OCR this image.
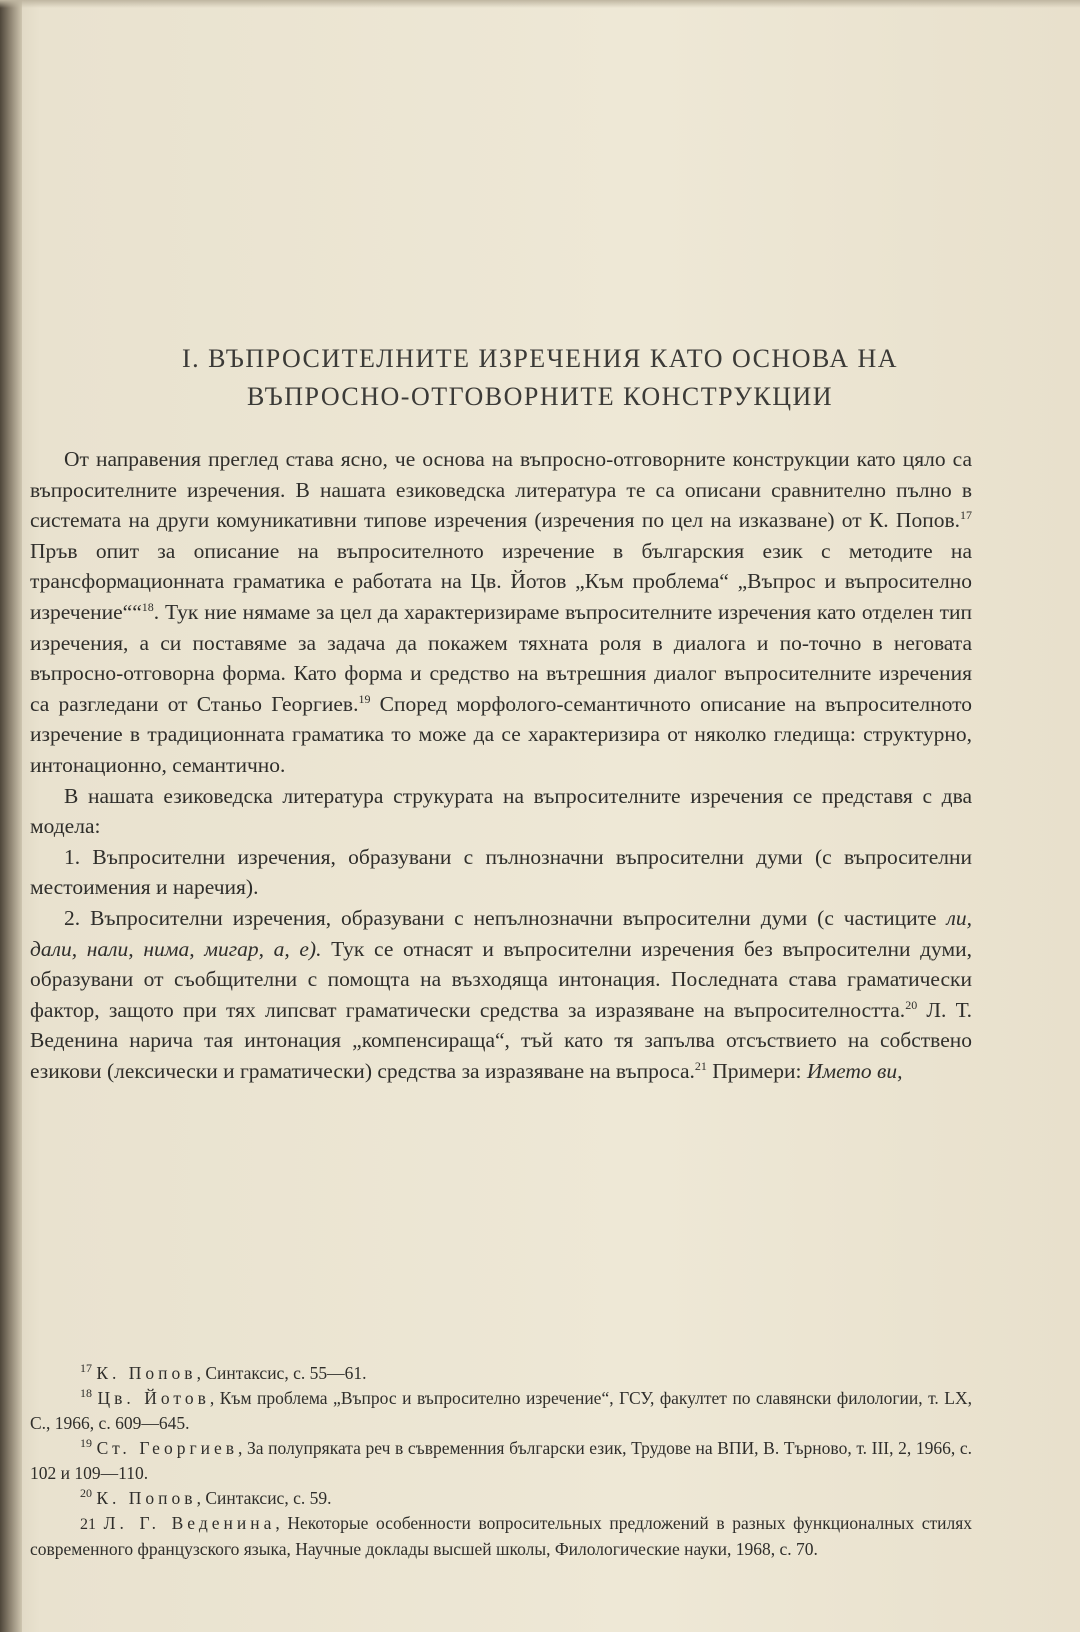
I. ВЪПРОСИТЕЛНИТЕ ИЗРЕЧЕНИЯ КАТО ОСНОВА НА
ВЪПРОСНО-ОТГОВОРНИТЕ КОНСТРУКЦИИ

От направения преглед става ясно, че основа на въпросно-отговорните конструкции като цяло са въпросителните изречения. В нашата езиковедска литература те са описани сравнително пълно в системата на други комуникативни типове изречения (изречения по цел на изказване) от К. Попов.$^{17}$ Пръв опит за описание на въпросителното изречение в българския език с методите на трансформационната граматика е работата на Цв. Йотов „Към проблема“ „Въпрос и въпросително изречение““$^{18}$. Тук ние нямаме за цел да характеризираме въпросителните изречения като отделен тип изречения, а си поставяме за задача да покажем тяхната роля в диалога и по-точно в неговата въпросно-отговорна форма. Като форма и средство на вътрешния диалог въпросителните изречения са разгледани от Станьо Георгиев.$^{19}$ Според морфолого-семантичното описание на въпросителното изречение в традиционната граматика то може да се характеризира от няколко гледища: структурно, интонационно, семантично.

В нашата езиковедска литература струкурата на въпросителните изречения се представя с два модела:

1. Въпросителни изречения, образувани с пълнозначни въпросителни думи (с въпросителни местоимения и наречия).

2. Въпросителни изречения, образувани с непълнозначни въпросителни думи (с частиците ли, дали, нали, нима, мигар, а, е). Тук се отнасят и въпросителни изречения без въпросителни думи, образувани от съобщителни с помощта на възходяща интонация. Последната става граматически фактор, защото при тях липсват граматически средства за изразяване на въпросителността.$^{20}$ Л. Т. Веденина нарича тая интонация „компенсираща“, тъй като тя запълва отсъствието на собствено езикови (лексически и граматически) средства за изразяване на въпроса.$^{21}$ Примери: Името ви,

$^{17}$ К. Попов, Синтаксис, с. 55—61.

$^{18}$ Цв. Йотов, Към проблема „Въпрос и въпросително изречение“, ГСУ, факултет по славянски филологии, т. LX, С., 1966, с. 609—645.

$^{19}$ Ст. Георгиев, За полупряката реч в съвременния български език, Трудове на ВПИ, В. Търново, т. III, 2, 1966, с. 102 и 109—110.

$^{20}$ К. Попов, Синтаксис, с. 59.

21 Л. Г. Веденина, Некоторые особенности вопросительных предложений в разных функционалных стилях современного французского языка, Научные доклады высшей школы, Филологические науки, 1968, с. 70.
